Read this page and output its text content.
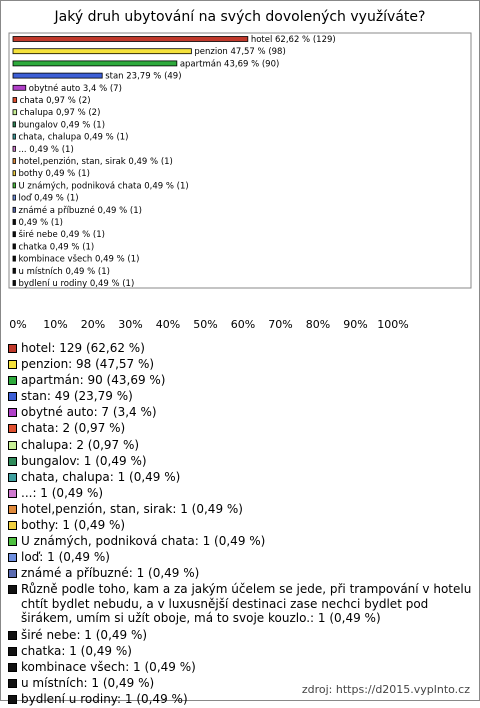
Jaký druh ubytování na svých dovolených využíváte?
hotel 62,62 % (129)
penzion 47,57 % (98)
apartmán 43,69 % (90)
stan 23,79 % (49)
obytné auto 3,4 % (7)
chata 0,97 % (2)
chalupa 0,97 % (2)
bungalov 0,49 % (1)
chata, chalupa 0,49 % (1)
... 0,49 % (1)
hotel,penzión, stan, sirak 0,49 % (1)
bothy 0,49 % (1)
U známých, podniková chata 0,49 % (1)
loď 0,49 % (1)
známé a příbuzné 0,49 % (1)
0,49 % (1)
širé nebe 0,49 % (1)
chatka 0,49 % (1)
kombinace všech 0,49 % (1)
u místních 0,49 % (1)
bydlení u rodiny 0,49 % (1)
0% 10% 20% 30% 40% 50% 60% 70% 80% 90% 100%
hotel: 129 (62,62 %)
penzion: 98 (47,57 %)
apartmán: 90 (43,69 %)
stan: 49 (23,79 %)
obytné auto: 7 (3,4 %)
chata: 2 (0,97 %)
chalupa: 2 (0,97 %)
bungalov: 1 (0,49 %)
chata, chalupa: 1 (0,49 %)
...: 1 (0,49 %)
hotel,penzión, stan, sirak: 1 (0,49 %)
bothy: 1 (0,49 %)
U známých, podniková chata: 1 (0,49 %)
loď: 1 (0,49 %)
známé a příbuzné: 1 (0,49 %)
Různě podle toho, kam a za jakým účelem se jede, při trampování v hotelu chtít bydlet nebudu, a v luxusnější destinaci zase nechci bydlet pod širákem, umím si užít oboje, má to svoje kouzlo.: 1 (0,49 %)
širé nebe: 1 (0,49 %)
chatka: 1 (0,49 %)
kombinace všech: 1 (0,49 %)
u místních: 1 (0,49 %)
bydlení u rodiny: 1 (0,49 %)
zdroj: https://d2015.vyplnto.cz
